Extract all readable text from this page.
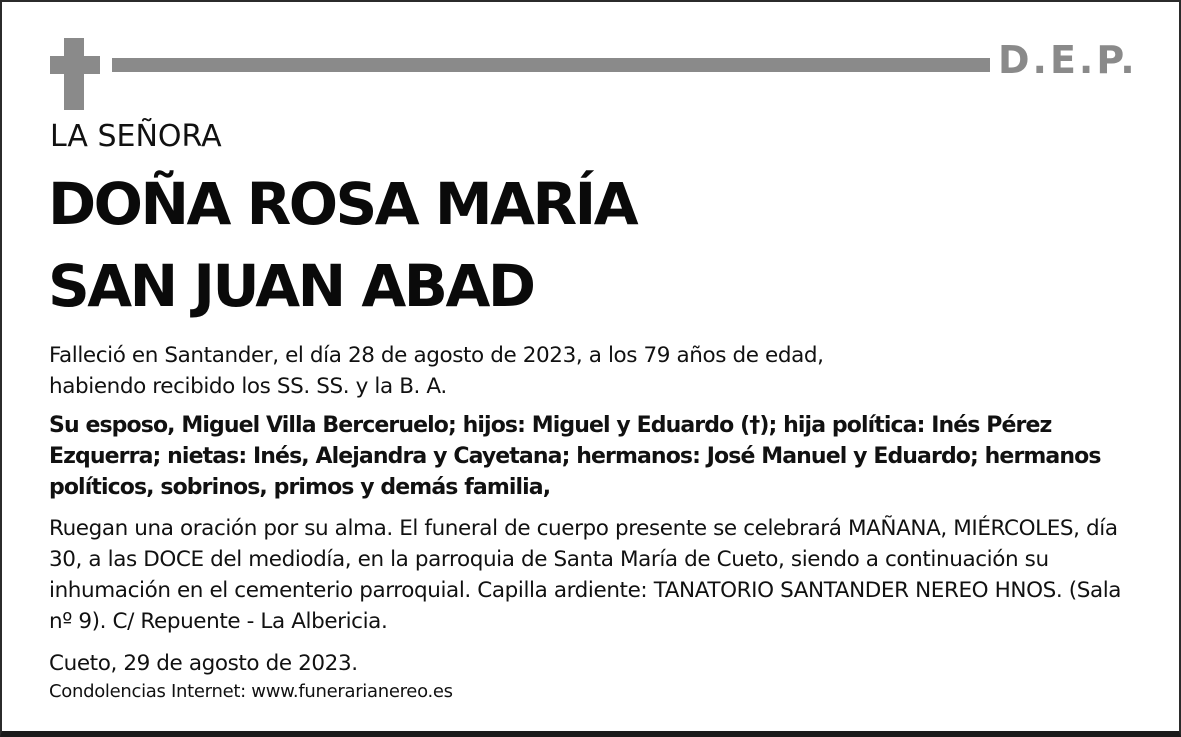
D.E.P.
LA SEÑORA
DOÑA ROSA MARÍA
SAN JUAN ABAD
Falleció en Santander, el día 28 de agosto de 2023, a los 79 años de edad, habiendo recibido los SS. SS. y la B. A.
Su esposo, Miguel Villa Berceruelo; hijos: Miguel y Eduardo (†); hija política: Inés Pérez Ezquerra; nietas: Inés, Alejandra y Cayetana; hermanos: José Manuel y Eduardo; hermanos políticos, sobrinos, primos y demás familia,
Ruegan una oración por su alma. El funeral de cuerpo presente se celebrará MAÑANA, MIÉRCOLES, día 30, a las DOCE del mediodía, en la parroquia de Santa María de Cueto, siendo a continuación su inhumación en el cementerio parroquial. Capilla ardiente: TANATORIO SANTANDER NEREO HNOS. (Sala nº 9). C/ Repuente - La Albericia.
Cueto, 29 de agosto de 2023.
Condolencias Internet: www.funerarianereo.es
